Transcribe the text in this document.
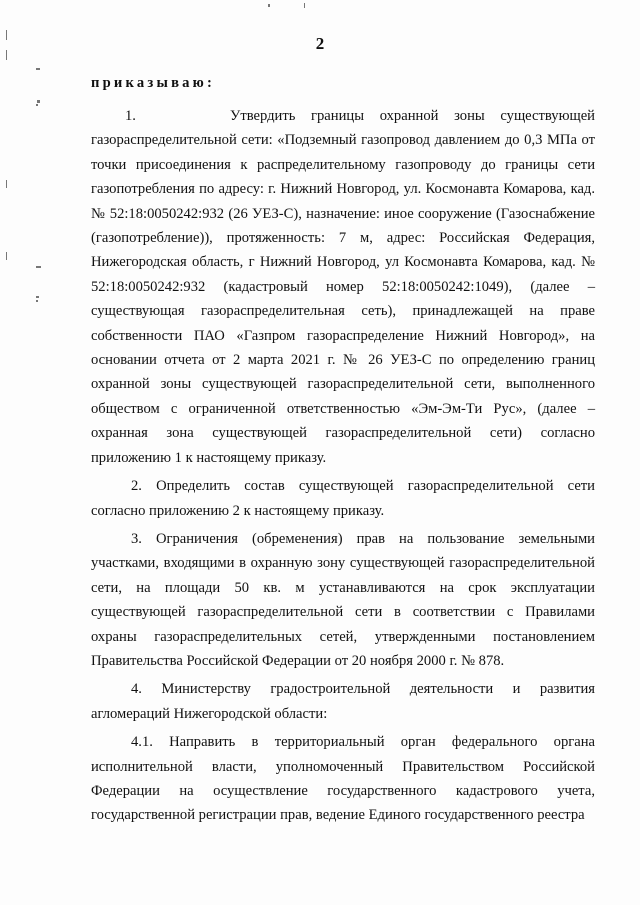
2

приказываю:

1.      Утвердить границы охранной зоны существующей газораспределительной сети: «Подземный газопровод давлением до 0,3 МПа от точки присоединения к распределительному газопроводу до границы сети газопотребления по адресу: г. Нижний Новгород, ул. Космонавта Комарова, кад. № 52:18:0050242:932 (26 УЕЗ-С), назначение: иное сооружение (Газоснабжение (газопотребление)), протяженность: 7 м, адрес: Российская Федерация, Нижегородская область, г Нижний Новгород, ул Космонавта Комарова, кад. № 52:18:0050242:932 (кадастровый номер 52:18:0050242:1049), (далее – существующая газораспределительная сеть), принадлежащей на праве собственности ПАО «Газпром газораспределение Нижний Новгород», на основании отчета от 2 марта 2021 г. № 26 УЕЗ-С по определению границ охранной зоны существующей газораспределительной сети, выполненного обществом с ограниченной ответственностью «Эм-Эм-Ти Рус», (далее – охранная зона существующей газораспределительной сети) согласно приложению 1 к настоящему приказу.

2. Определить состав существующей газораспределительной сети согласно приложению 2 к настоящему приказу.

3. Ограничения (обременения) прав на пользование земельными участками, входящими в охранную зону существующей газораспределительной сети, на площади 50 кв. м устанавливаются на срок эксплуатации существующей газораспределительной сети в соответствии с Правилами охраны газораспределительных сетей, утвержденными постановлением Правительства Российской Федерации от 20 ноября 2000 г. № 878.

4. Министерству градостроительной деятельности и развития агломераций Нижегородской области:

4.1. Направить в территориальный орган федерального органа исполнительной власти, уполномоченный Правительством Российской Федерации на осуществление государственного кадастрового учета, государственной регистрации прав, ведение Единого государственного реестра
